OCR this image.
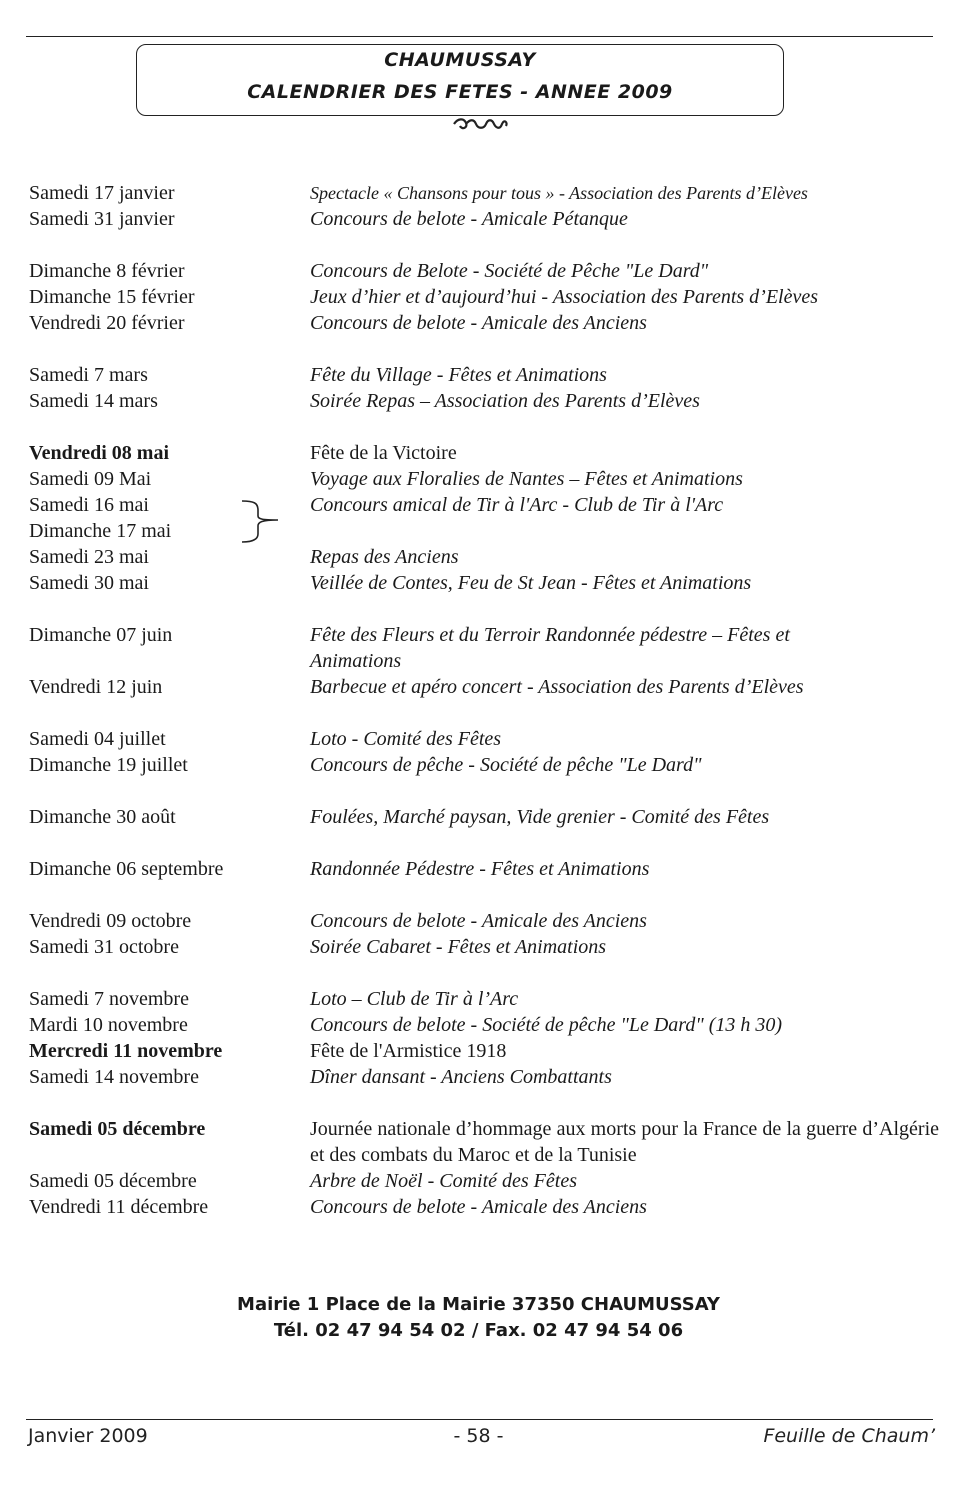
CHAUMUSSAY
CALENDRIER DES FETES - ANNEE 2009
Samedi 17 janvier	Spectacle « Chansons pour tous » - Association des Parents d’Elèves
Samedi 31 janvier	Concours de belote - Amicale Pétanque
Dimanche 8 février	Concours de Belote - Société de Pêche "Le Dard"
Dimanche 15 février	Jeux d’hier et d’aujourd’hui - Association des Parents d’Elèves
Vendredi 20 février	Concours de belote - Amicale des Anciens
Samedi 7 mars	Fête du Village - Fêtes et Animations
Samedi 14 mars	Soirée Repas – Association des Parents d’Elèves
Vendredi 08 mai	Fête de la Victoire
Samedi 09 Mai	Voyage aux Floralies de Nantes – Fêtes et Animations
Samedi 16 mai	Concours amical de Tir à l'Arc - Club de Tir à l'Arc
Dimanche 17 mai
Samedi 23 mai	Repas des Anciens
Samedi 30 mai	Veillée de Contes, Feu de St Jean - Fêtes et Animations
Dimanche 07 juin	Fête des Fleurs et du Terroir Randonnée pédestre – Fêtes et Animations
Vendredi 12 juin	Barbecue et apéro concert - Association des Parents d’Elèves
Samedi 04 juillet	Loto - Comité des Fêtes
Dimanche 19 juillet	Concours de pêche - Société de pêche "Le Dard"
Dimanche 30 août	Foulées, Marché paysan, Vide grenier - Comité des Fêtes
Dimanche 06 septembre	Randonnée Pédestre - Fêtes et Animations
Vendredi 09 octobre	Concours de belote - Amicale des Anciens
Samedi 31 octobre	Soirée Cabaret - Fêtes et Animations
Samedi 7 novembre	Loto – Club de Tir à l’Arc
Mardi 10 novembre	Concours de belote - Société de pêche "Le Dard" (13 h 30)
Mercredi 11 novembre	Fête de l'Armistice 1918
Samedi 14 novembre	Dîner dansant - Anciens Combattants
Samedi 05 décembre	Journée nationale d’hommage aux morts pour la France de la guerre d’Algérie et des combats du Maroc et de la Tunisie
Samedi 05 décembre	Arbre de Noël - Comité des Fêtes
Vendredi 11 décembre	Concours de belote - Amicale des Anciens
Mairie 1 Place de la Mairie 37350 CHAUMUSSAY
Tél. 02 47 94 54 02 / Fax. 02 47 94 54 06
Janvier 2009	- 58 -	Feuille de Chaum’
